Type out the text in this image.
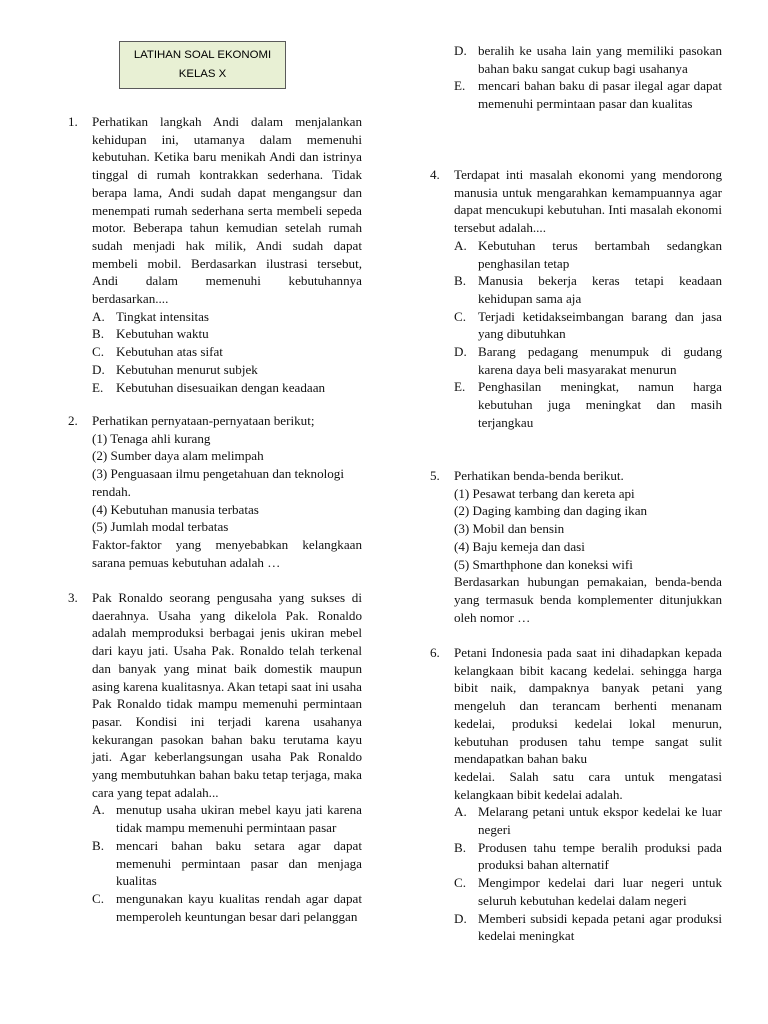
LATIHAN SOAL EKONOMI
KELAS X
1. Perhatikan langkah Andi dalam menjalankan kehidupan ini, utamanya dalam memenuhi kebutuhan. Ketika baru menikah Andi dan istrinya tinggal di rumah kontrakkan sederhana. Tidak berapa lama, Andi sudah dapat mengangsur dan menempati rumah sederhana serta membeli sepeda motor. Beberapa tahun kemudian setelah rumah sudah menjadi hak milik, Andi sudah dapat membeli mobil. Berdasarkan ilustrasi tersebut, Andi dalam memenuhi kebutuhannya berdasarkan....
A. Tingkat intensitas
B. Kebutuhan waktu
C. Kebutuhan atas sifat
D. Kebutuhan menurut subjek
E. Kebutuhan disesuaikan dengan keadaan
2. Perhatikan pernyataan-pernyataan berikut;
(1) Tenaga ahli kurang
(2) Sumber daya alam melimpah
(3) Penguasaan ilmu pengetahuan dan teknologi rendah.
(4) Kebutuhan manusia terbatas
(5) Jumlah modal terbatas
Faktor-faktor yang menyebabkan kelangkaan sarana pemuas kebutuhan adalah …
3. Pak Ronaldo seorang pengusaha yang sukses di daerahnya. Usaha yang dikelola Pak. Ronaldo adalah memproduksi berbagai jenis ukiran mebel dari kayu jati. Usaha Pak. Ronaldo telah terkenal dan banyak yang minat baik domestik maupun asing karena kualitasnya. Akan tetapi saat ini usaha Pak Ronaldo tidak mampu memenuhi permintaan pasar. Kondisi ini terjadi karena usahanya kekurangan pasokan bahan baku terutama kayu jati. Agar keberlangsungan usaha Pak Ronaldo yang membutuhkan bahan baku tetap terjaga, maka cara yang tepat adalah...
A. menutup usaha ukiran mebel kayu jati karena tidak mampu memenuhi permintaan pasar
B. mencari bahan baku setara agar dapat memenuhi permintaan pasar dan menjaga kualitas
C. mengunakan kayu kualitas rendah agar dapat memperoleh keuntungan besar dari pelanggan
D. beralih ke usaha lain yang memiliki pasokan bahan baku sangat cukup bagi usahanya
E. mencari bahan baku di pasar ilegal agar dapat memenuhi permintaan pasar dan kualitas
4. Terdapat inti masalah ekonomi yang mendorong manusia untuk mengarahkan kemampuannya agar dapat mencukupi kebutuhan. Inti masalah ekonomi tersebut adalah....
A. Kebutuhan terus bertambah sedangkan penghasilan tetap
B. Manusia bekerja keras tetapi keadaan kehidupan sama aja
C. Terjadi ketidakseimbangan barang dan jasa yang dibutuhkan
D. Barang pedagang menumpuk di gudang karena daya beli masyarakat menurun
E. Penghasilan meningkat, namun harga kebutuhan juga meningkat dan masih terjangkau
5. Perhatikan benda-benda berikut.
(1) Pesawat terbang dan kereta api
(2) Daging kambing dan daging ikan
(3) Mobil dan bensin
(4) Baju kemeja dan dasi
(5) Smarthphone dan koneksi wifi
Berdasarkan hubungan pemakaian, benda-benda yang termasuk benda komplementer ditunjukkan oleh nomor …
6. Petani Indonesia pada saat ini dihadapkan kepada kelangkaan bibit kacang kedelai. sehingga harga bibit naik, dampaknya banyak petani yang mengeluh dan terancam berhenti menanam kedelai, produksi kedelai lokal menurun, kebutuhan produsen tahu tempe sangat sulit mendapatkan bahan baku
kedelai. Salah satu cara untuk mengatasi kelangkaan bibit kedelai adalah.
A. Melarang petani untuk ekspor kedelai ke luar negeri
B. Produsen tahu tempe beralih produksi pada produksi bahan alternatif
C. Mengimpor kedelai dari luar negeri untuk seluruh kebutuhan kedelai dalam negeri
D. Memberi subsidi kepada petani agar produksi kedelai meningkat
